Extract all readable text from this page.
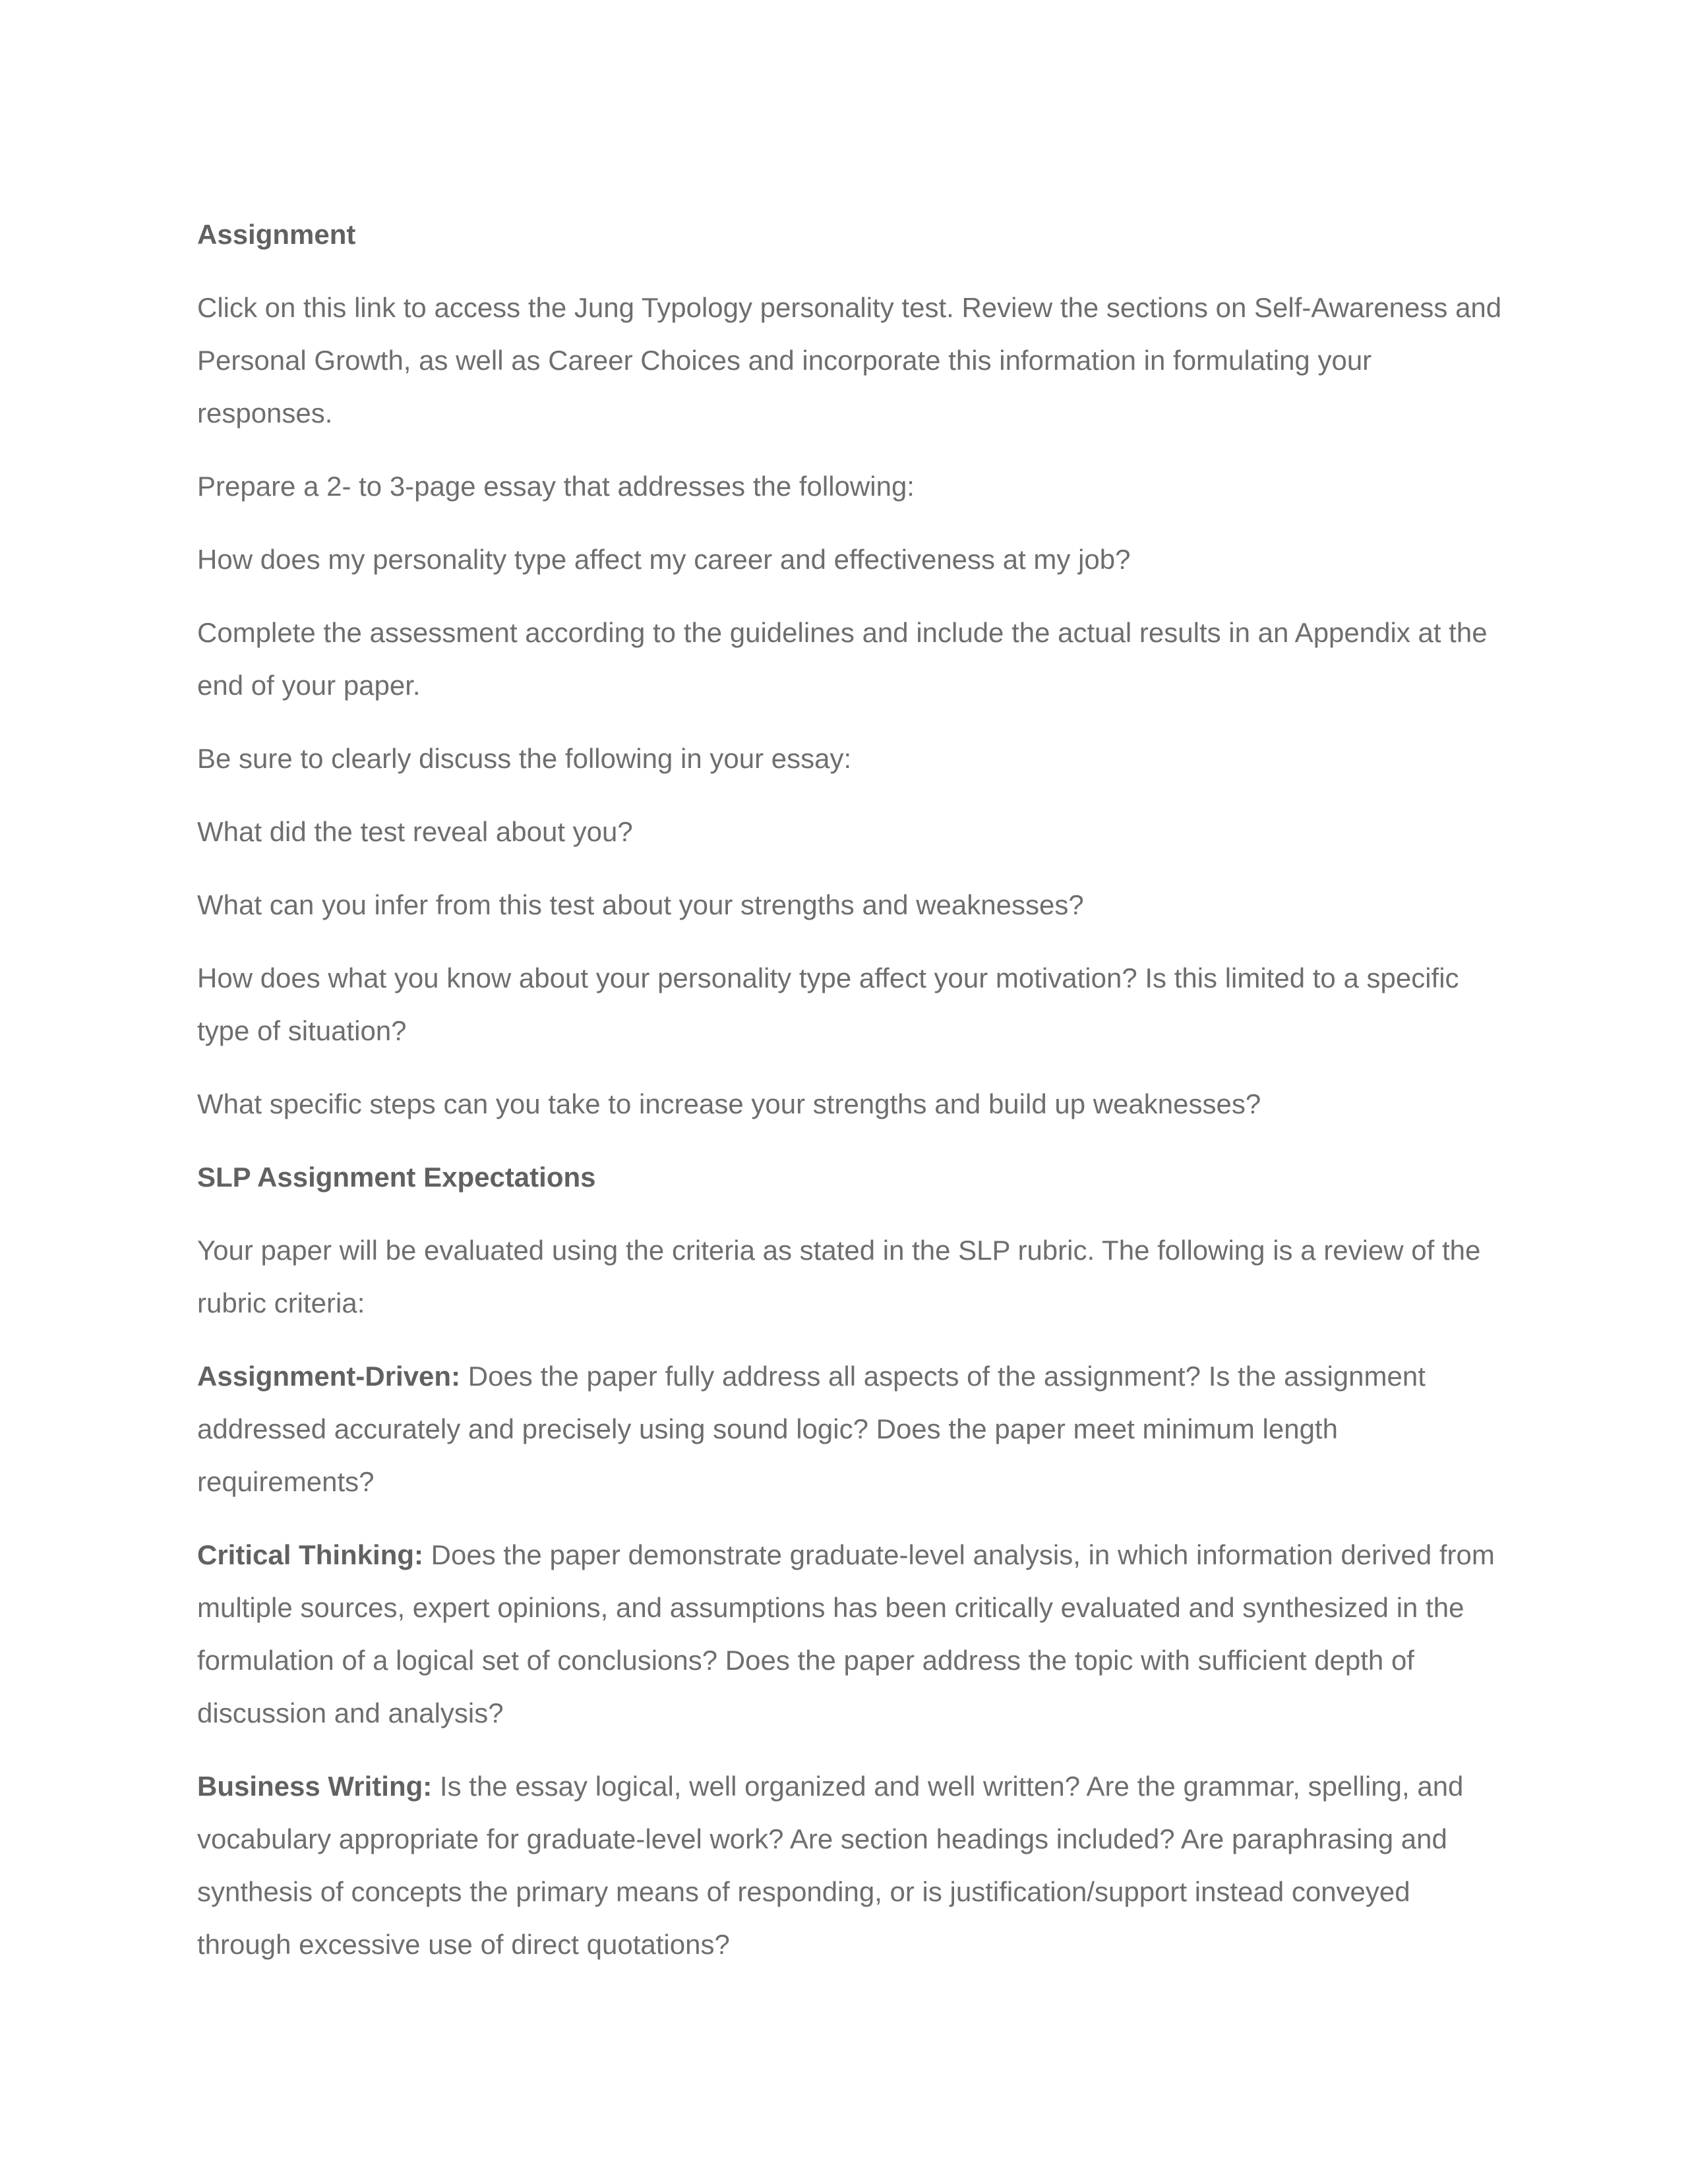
Assignment

Click on this link to access the Jung Typology personality test. Review the sections on Self-Awareness and Personal Growth, as well as Career Choices and incorporate this information in formulating your responses.

Prepare a 2- to 3-page essay that addresses the following:

How does my personality type affect my career and effectiveness at my job?

Complete the assessment according to the guidelines and include the actual results in an Appendix at the end of your paper.

Be sure to clearly discuss the following in your essay:

What did the test reveal about you?

What can you infer from this test about your strengths and weaknesses?

How does what you know about your personality type affect your motivation? Is this limited to a specific type of situation?

What specific steps can you take to increase your strengths and build up weaknesses?

SLP Assignment Expectations

Your paper will be evaluated using the criteria as stated in the SLP rubric. The following is a review of the rubric criteria:

Assignment-Driven: Does the paper fully address all aspects of the assignment? Is the assignment addressed accurately and precisely using sound logic? Does the paper meet minimum length requirements?

Critical Thinking: Does the paper demonstrate graduate-level analysis, in which information derived from multiple sources, expert opinions, and assumptions has been critically evaluated and synthesized in the formulation of a logical set of conclusions? Does the paper address the topic with sufficient depth of discussion and analysis?

Business Writing: Is the essay logical, well organized and well written? Are the grammar, spelling, and vocabulary appropriate for graduate-level work? Are section headings included? Are paraphrasing and synthesis of concepts the primary means of responding, or is justification/support instead conveyed through excessive use of direct quotations?
